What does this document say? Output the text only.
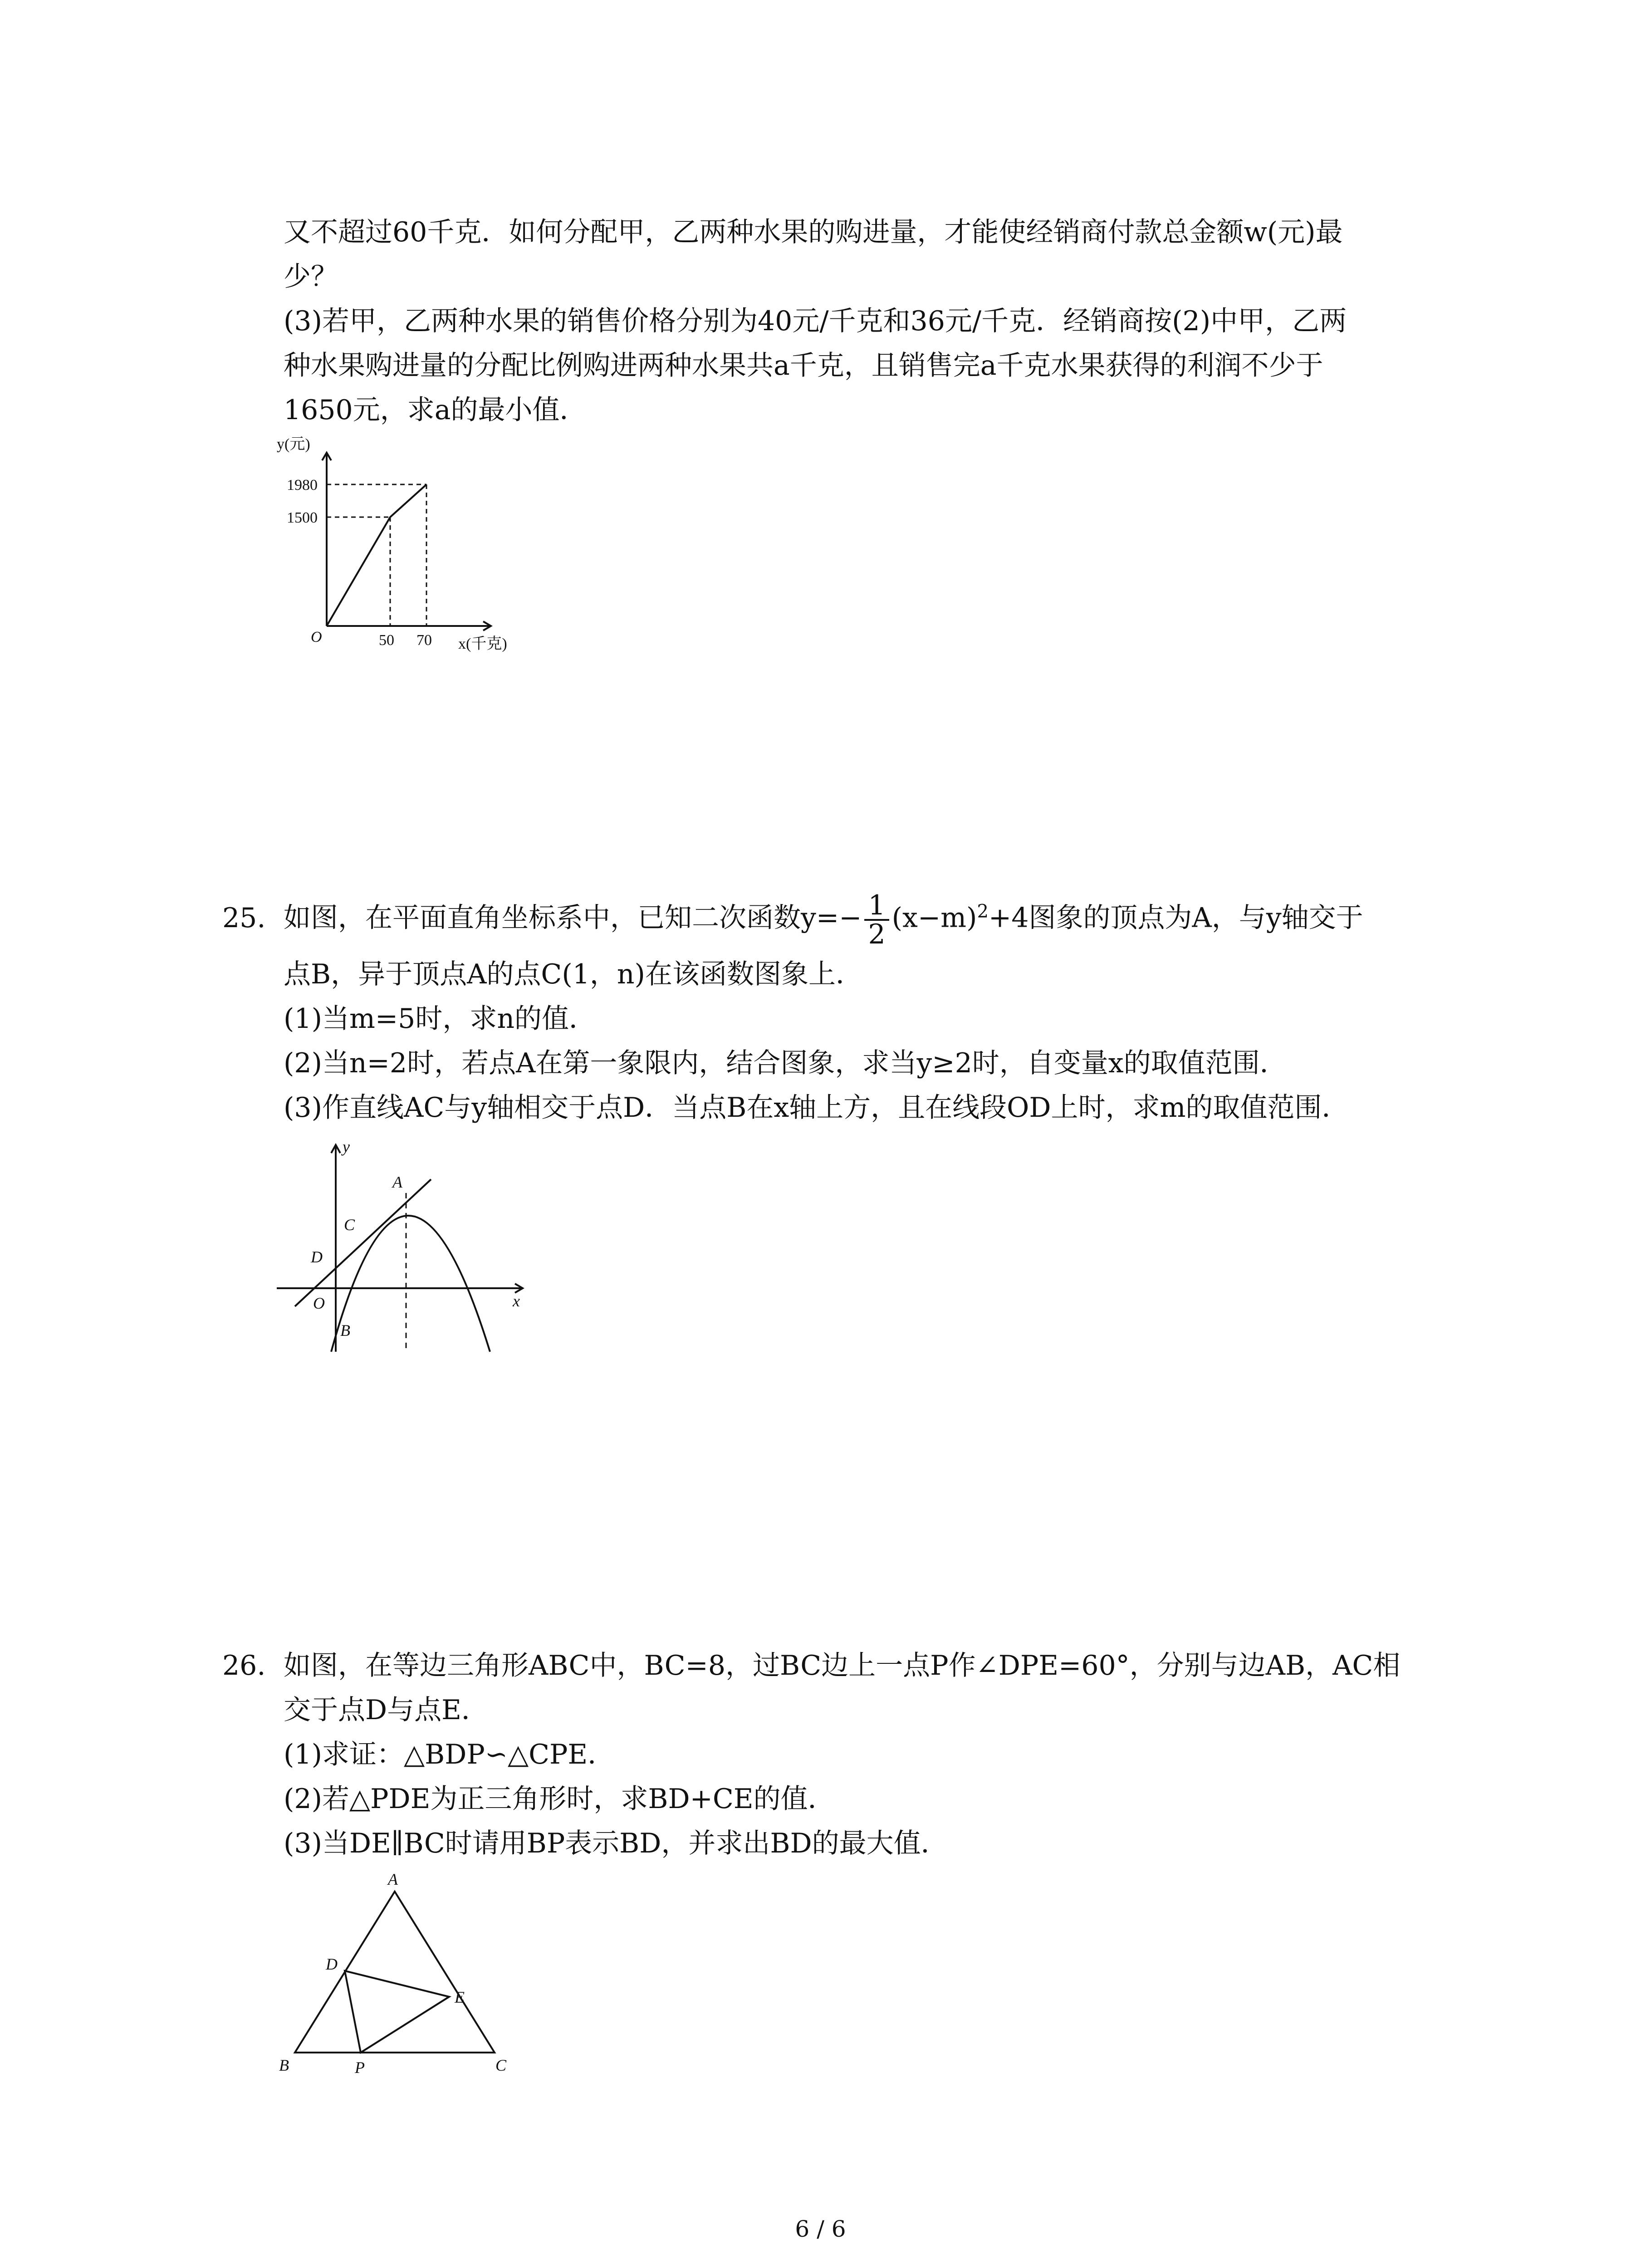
又不超过60千克．如何分配甲，乙两种水果的购进量，才能使经销商付款总金额w(元)最
少？
(3)若甲，乙两种水果的销售价格分别为40元/千克和36元/千克．经销商按(2)中甲，乙两
种水果购进量的分配比例购进两种水果共a千克，且销售完a千克水果获得的利润不少于
1650元，求a的最小值．
y(元)
1980
1500
O	50 70 x(千克)
25. 如图，在平面直角坐标系中，已知二次函数$y=- \frac{1}{2} (x-m)^2+4$图象的顶点为A，与y轴交于
点B，异于顶点A的点C(1，n)在该函数图象上．
(1)当m=5时，求n的值．
(2)当n=2时，若点A在第一象限内，结合图象，求当y≥2时，自变量x的取值范围．
(3)作直线AC与y轴相交于点D．当点B在x轴上方，且在线段OD上时，求m的取值范围．
y
x
A
C
D
O
B
26. 如图，在等边三角形ABC中，BC=8，过BC边上一点P作∠DPE=60°，分别与边AB，AC相
交于点D与点E．
(1)求证：△BDP∽△CPE．
(2)若△PDE为正三角形时，求BD+CE的值．
(3)当DE∥BC时请用BP表示BD，并求出BD的最大值．
A
B	C
D
E
P
6 / 6
